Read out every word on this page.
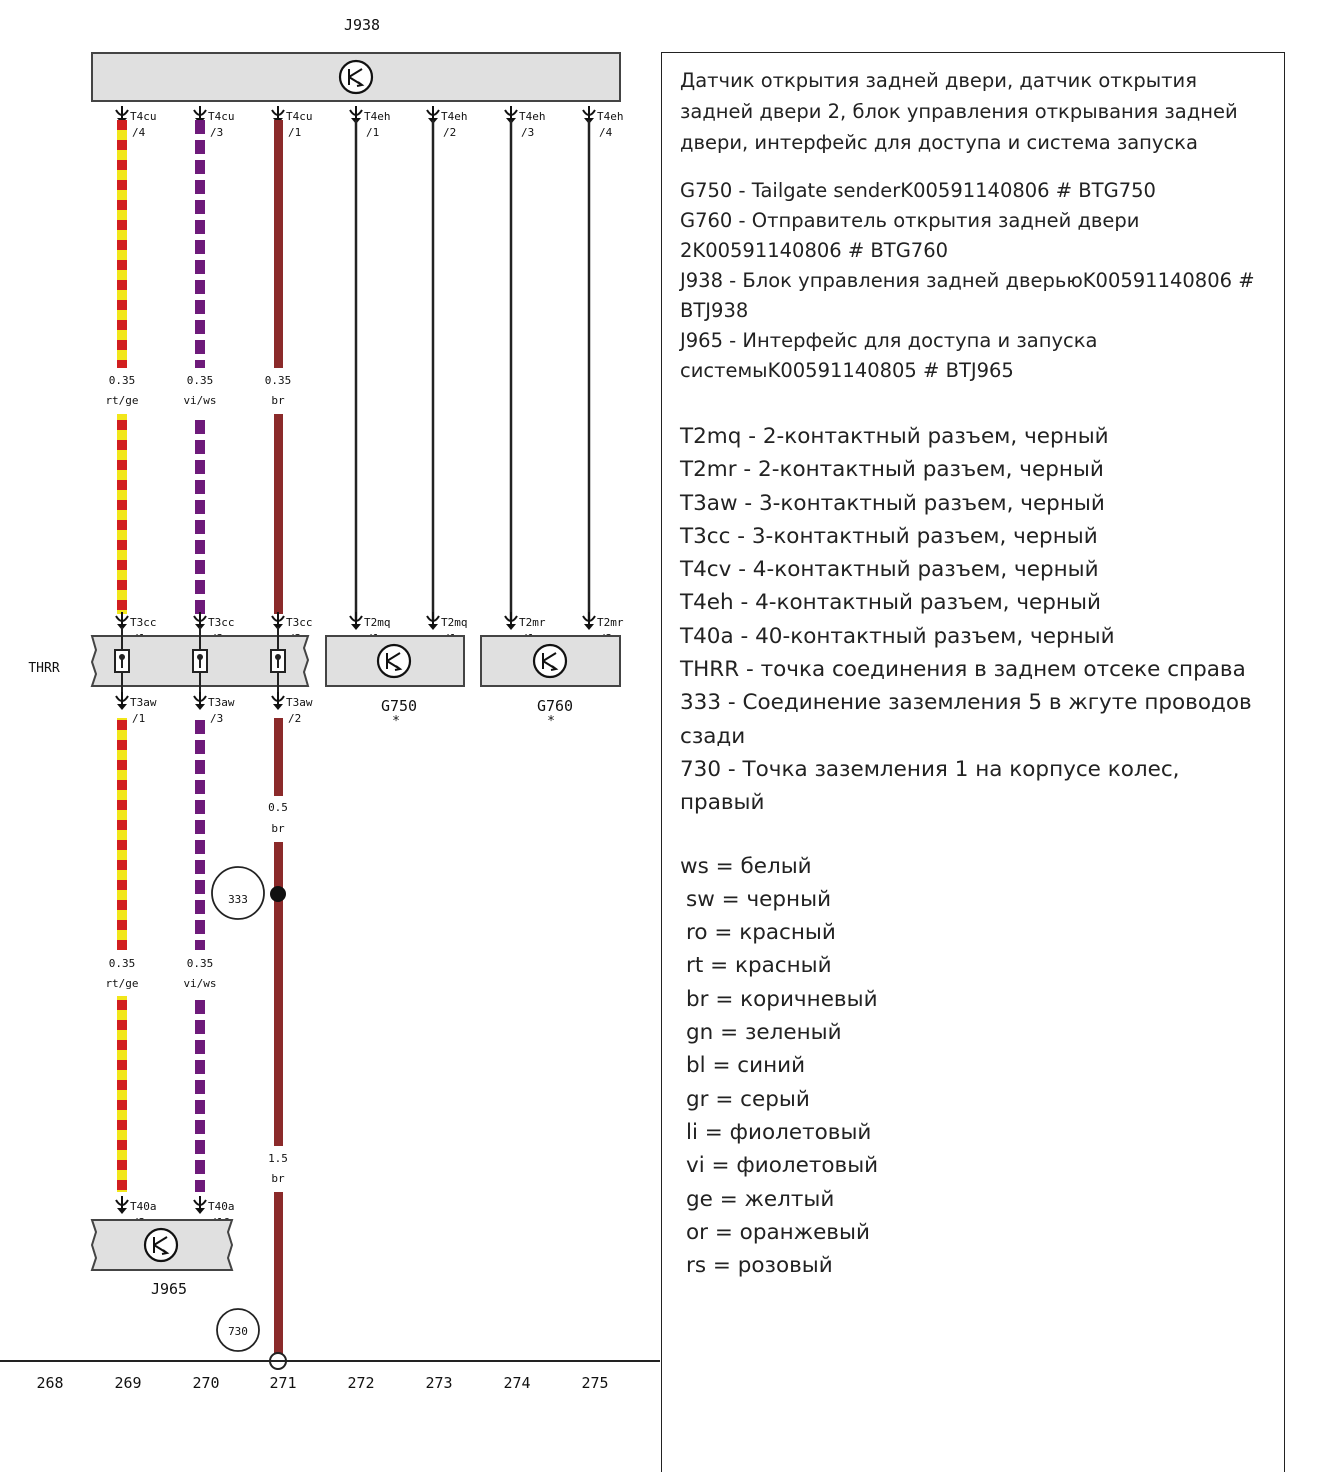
J938
T4cu
/4
T4cu
/3
T4cu
/1
T4eh
/1
T4eh
/2
T4eh
/3
T4eh
/4
0.35
rt/ge
0.35
vi/ws
0.35
br
T3cc	T3cc	T3cc	T2mq	T2mq	T2mr	T2mr
THRR
G750
*
G760
*
T3aw
/1
T3aw
/3
T3aw
/2
0.35
rt/ge
0.35
vi/ws
0.5
br
1.5
br
333
T40a	T40a
J965
730
268	269	270	271	272	273	274	275
Датчик открытия задней двери, датчик открытия задней двери 2, блок управления открывания задней двери, интерфейс для доступа и система запуска

G750 - Tailgate senderK00591140806 # BTG750

G760 - Отправитель открытия задней двери 2K00591140806 # BTG760

J938 - Блок управления задней дверьюK00591140806 # BTJ938

J965 - Интерфейс для доступа и запуска системыK00591140805 # BTJ965

T2mq - 2-контактный разъем, черный

T2mr - 2-контактный разъем, черный

T3aw - 3-контактный разъем, черный

T3cc - 3-контактный разъем, черный

T4cv - 4-контактный разъем, черный

T4eh - 4-контактный разъем, черный

T40a - 40-контактный разъем, черный

THRR - точка соединения в заднем отсеке справа

333 - Соединение заземления 5 в жгуте проводов сзади

730 - Точка заземления 1 на корпусе колес, правый

ws = белый

sw = черный

ro = красный

rt = красный

br = коричневый

gn = зеленый

bl = синий

gr = серый

li = фиолетовый

vi = фиолетовый

ge = желтый

or = оранжевый

rs = розовый
